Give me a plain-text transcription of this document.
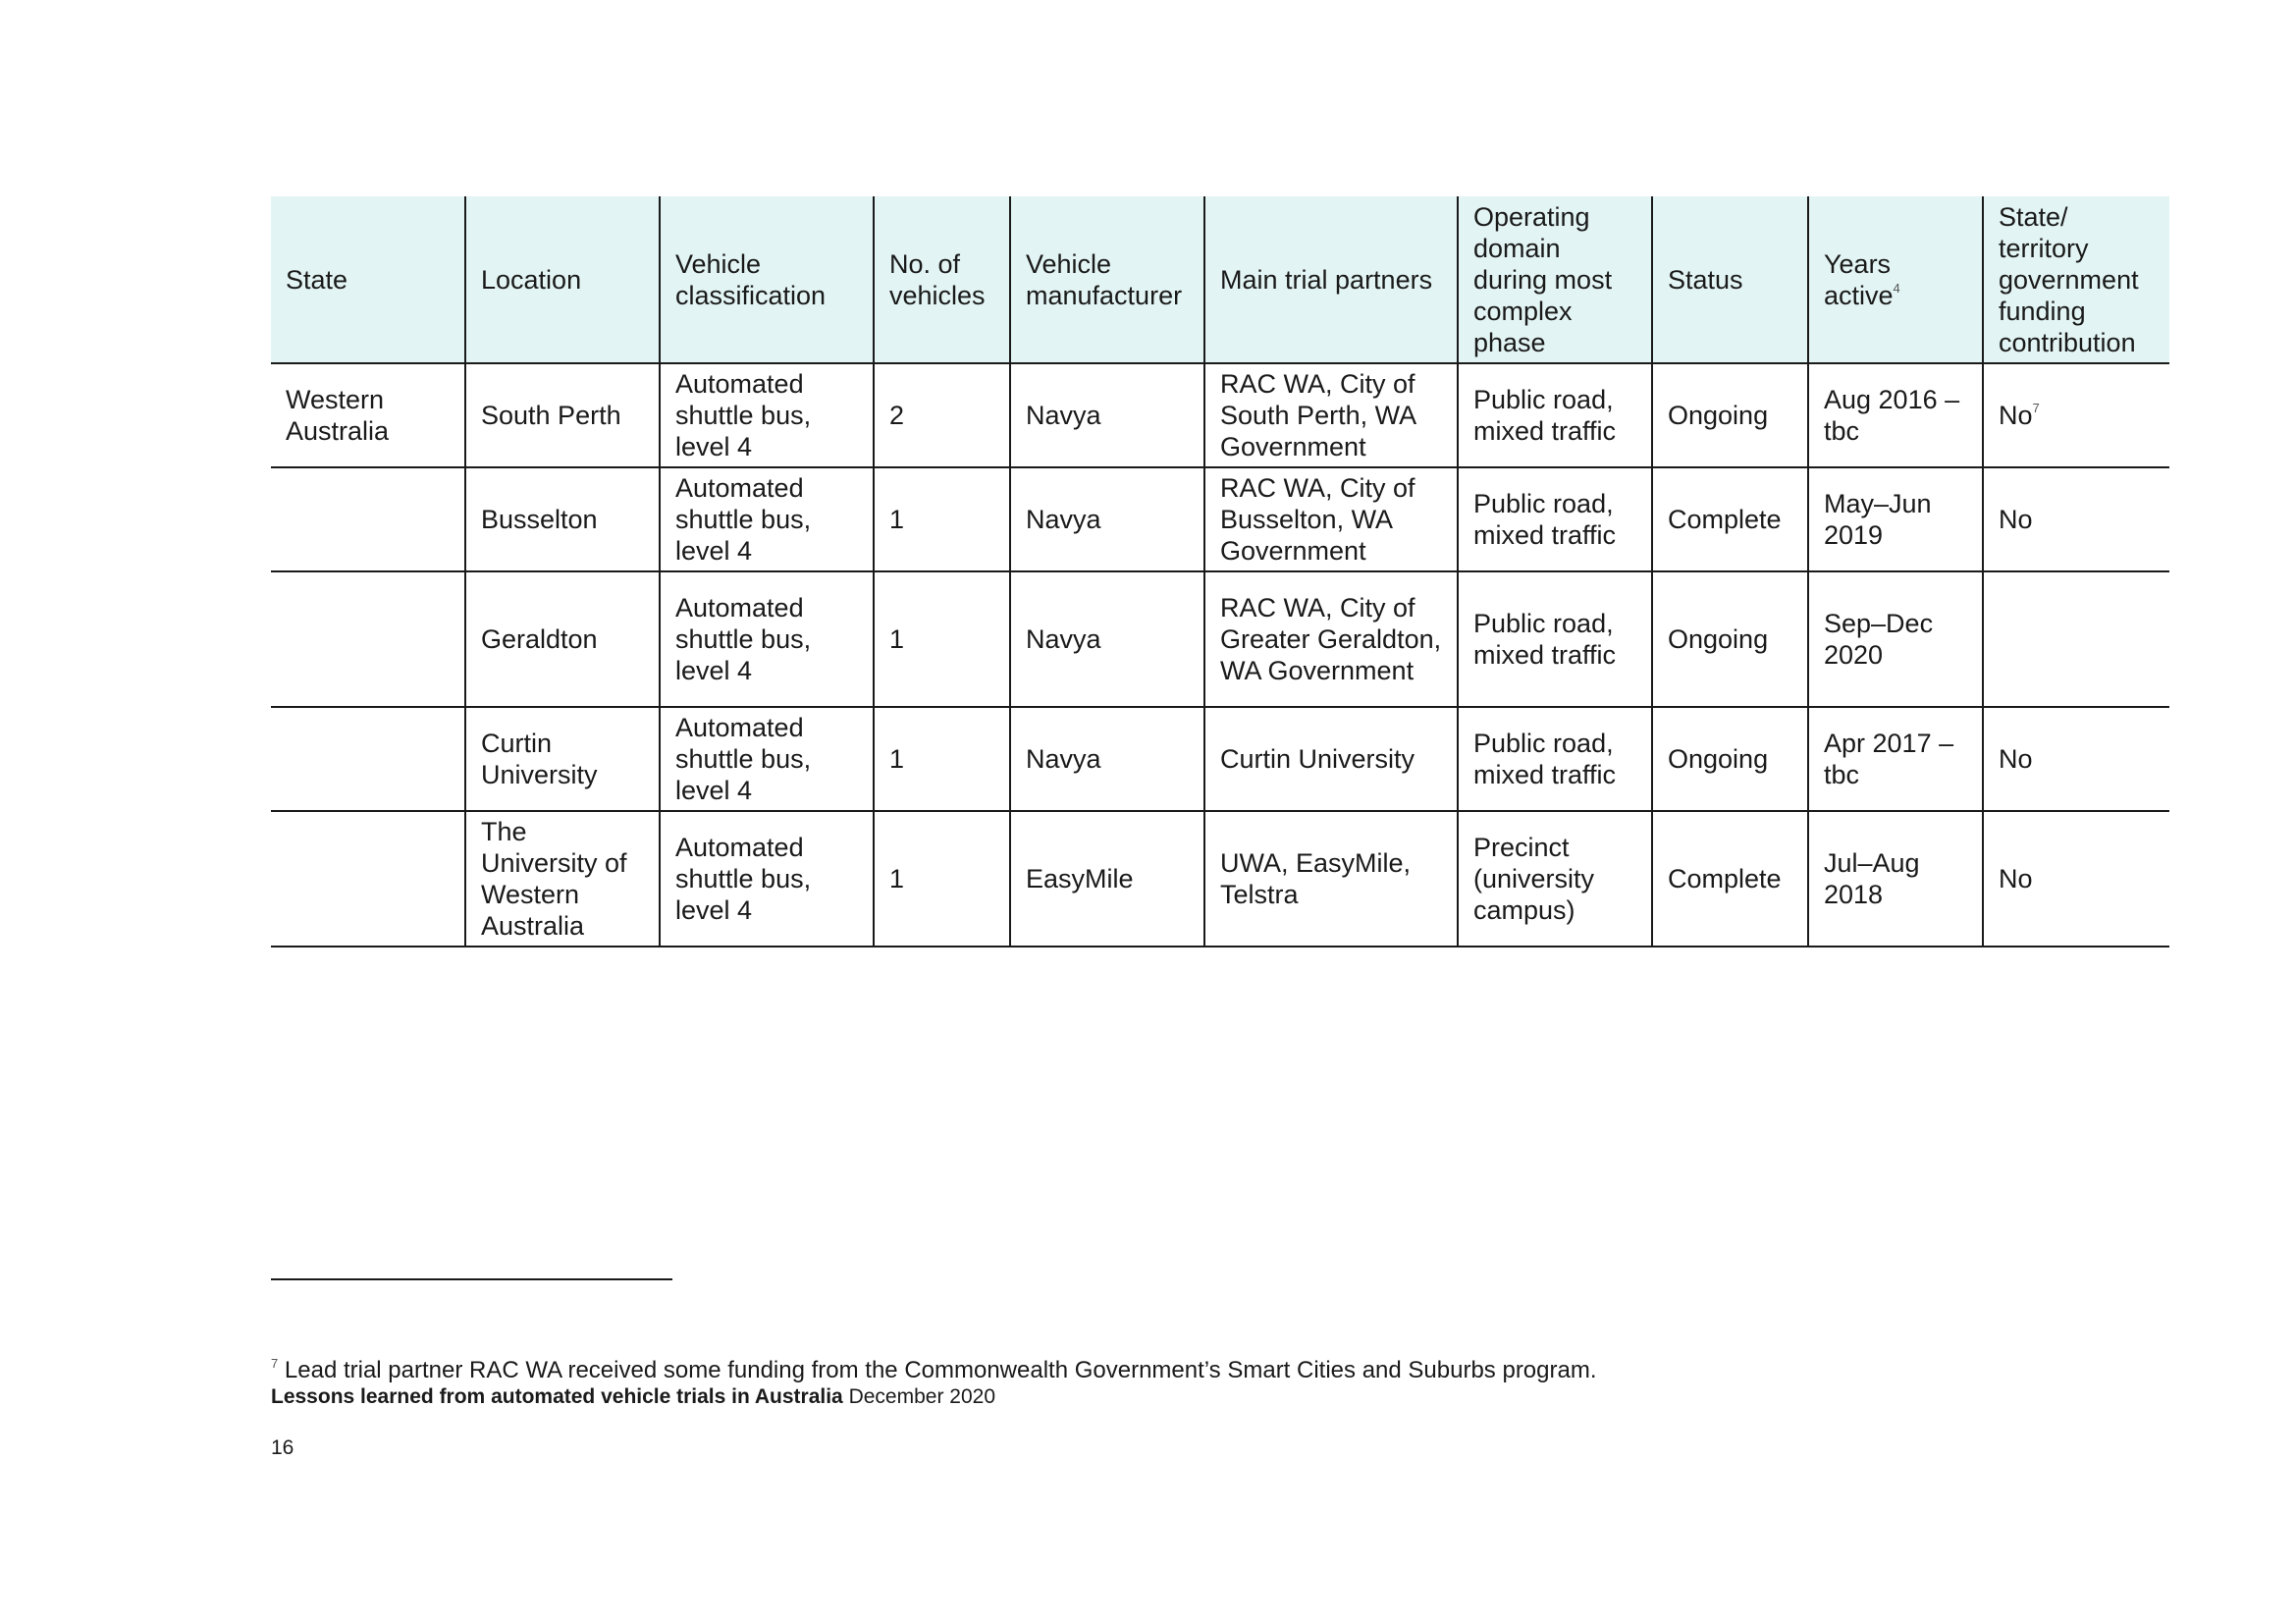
State	Location	Vehicle classification	No. of vehicles	Vehicle manufacturer	Main trial partners	Operating domain during most complex phase	Status	Years active$^4$	State/ territory government funding contribution
Western Australia	South Perth	Automated shuttle bus, level 4	2	Navya	RAC WA, City of South Perth, WA Government	Public road, mixed traffic	Ongoing	Aug 2016 – tbc	No$^7$
	Busselton	Automated shuttle bus, level 4	1	Navya	RAC WA, City of Busselton, WA Government	Public road, mixed traffic	Complete	May–Jun 2019	No
	Geraldton	Automated shuttle bus, level 4	1	Navya	RAC WA, City of Greater Geraldton, WA Government	Public road, mixed traffic	Ongoing	Sep–Dec 2020	
	Curtin University	Automated shuttle bus, level 4	1	Navya	Curtin University	Public road, mixed traffic	Ongoing	Apr 2017 – tbc	No
	The University of Western Australia	Automated shuttle bus, level 4	1	EasyMile	UWA, EasyMile, Telstra	Precinct (university campus)	Complete	Jul–Aug 2018	No
$^7$ Lead trial partner RAC WA received some funding from the Commonwealth Government’s Smart Cities and Suburbs program.
Lessons learned from automated vehicle trials in Australia December 2020
16
